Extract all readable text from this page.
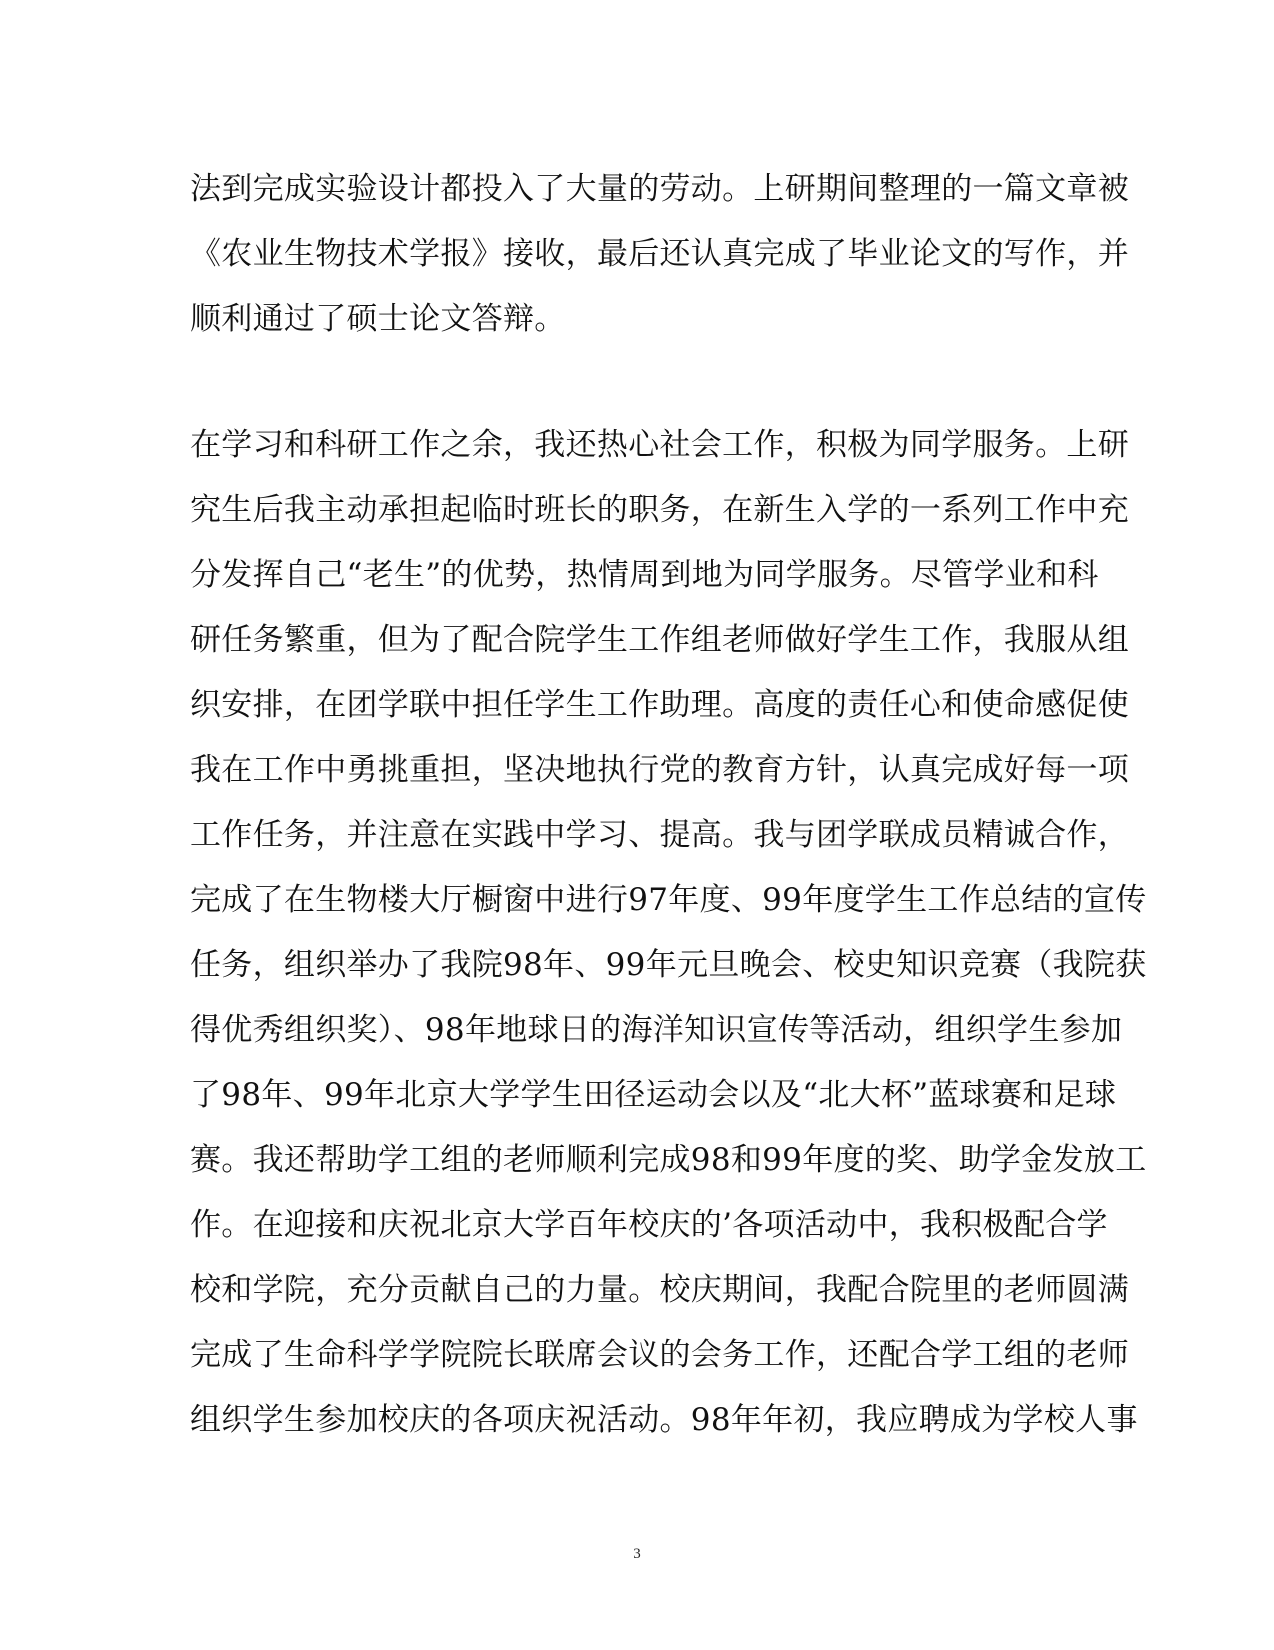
法到完成实验设计都投入了大量的劳动。上研期间整理的一篇文章被
《农业生物技术学报》接收，最后还认真完成了毕业论文的写作，并
顺利通过了硕士论文答辩。
在学习和科研工作之余，我还热心社会工作，积极为同学服务。上研
究生后我主动承担起临时班长的职务，在新生入学的一系列工作中充
分发挥自己“老生”的优势，热情周到地为同学服务。尽管学业和科
研任务繁重，但为了配合院学生工作组老师做好学生工作，我服从组
织安排，在团学联中担任学生工作助理。高度的责任心和使命感促使
我在工作中勇挑重担，坚决地执行党的教育方针，认真完成好每一项
工作任务，并注意在实践中学习、提高。我与团学联成员精诚合作，
完成了在生物楼大厅橱窗中进行97年度、99年度学生工作总结的宣传
任务，组织举办了我院98年、99年元旦晚会、校史知识竞赛（我院获
得优秀组织奖）、98年地球日的海洋知识宣传等活动，组织学生参加
了98年、99年北京大学学生田径运动会以及“北大杯”蓝球赛和足球
赛。我还帮助学工组的老师顺利完成98和99年度的奖、助学金发放工
作。在迎接和庆祝北京大学百年校庆的’各项活动中，我积极配合学
校和学院，充分贡献自己的力量。校庆期间，我配合院里的老师圆满
完成了生命科学学院院长联席会议的会务工作，还配合学工组的老师
组织学生参加校庆的各项庆祝活动。98年年初，我应聘成为学校人事
3
